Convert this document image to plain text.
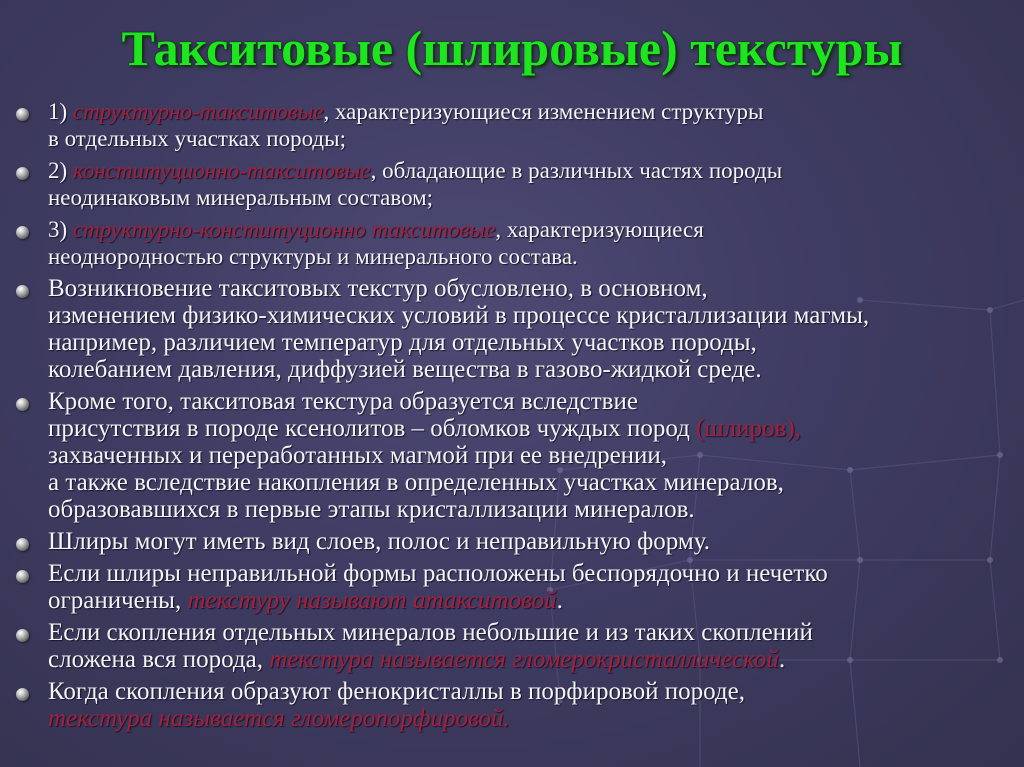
Такситовые (шлировые) текстуры
1) структурно-такситовые, характеризующиеся изменением структуры
в отдельных участках породы;
2) конституционно-такситовые, обладающие в различных частях породы
неодинаковым минеральным составом;
3) структурно-конституционно такситовые, характеризующиеся
неоднородностью структуры и минерального состава.
Возникновение такситовых текстур обусловлено, в основном,
изменением физико-химических условий в процессе кристаллизации магмы,
например, различием температур для отдельных участков породы,
колебанием давления, диффузией вещества в газово-жидкой среде.
Кроме того, такситовая текстура образуется вследствие
присутствия в породе ксенолитов – обломков чуждых пород (шлиров),
захваченных и переработанных магмой при ее внедрении,
а также вследствие накопления в определенных участках минералов,
образовавшихся в первые этапы кристаллизации минералов.
Шлиры могут иметь вид слоев, полос и неправильную форму.
Если шлиры неправильной формы расположены беспорядочно и нечетко
ограничены, текстуру называют атакситовой.
Если скопления отдельных минералов небольшие и из таких скоплений
сложена вся порода, текстура называется гломерокристаллической.
Когда скопления образуют фенокристаллы в порфировой породе,
текстура называется гломеропорфировой.
